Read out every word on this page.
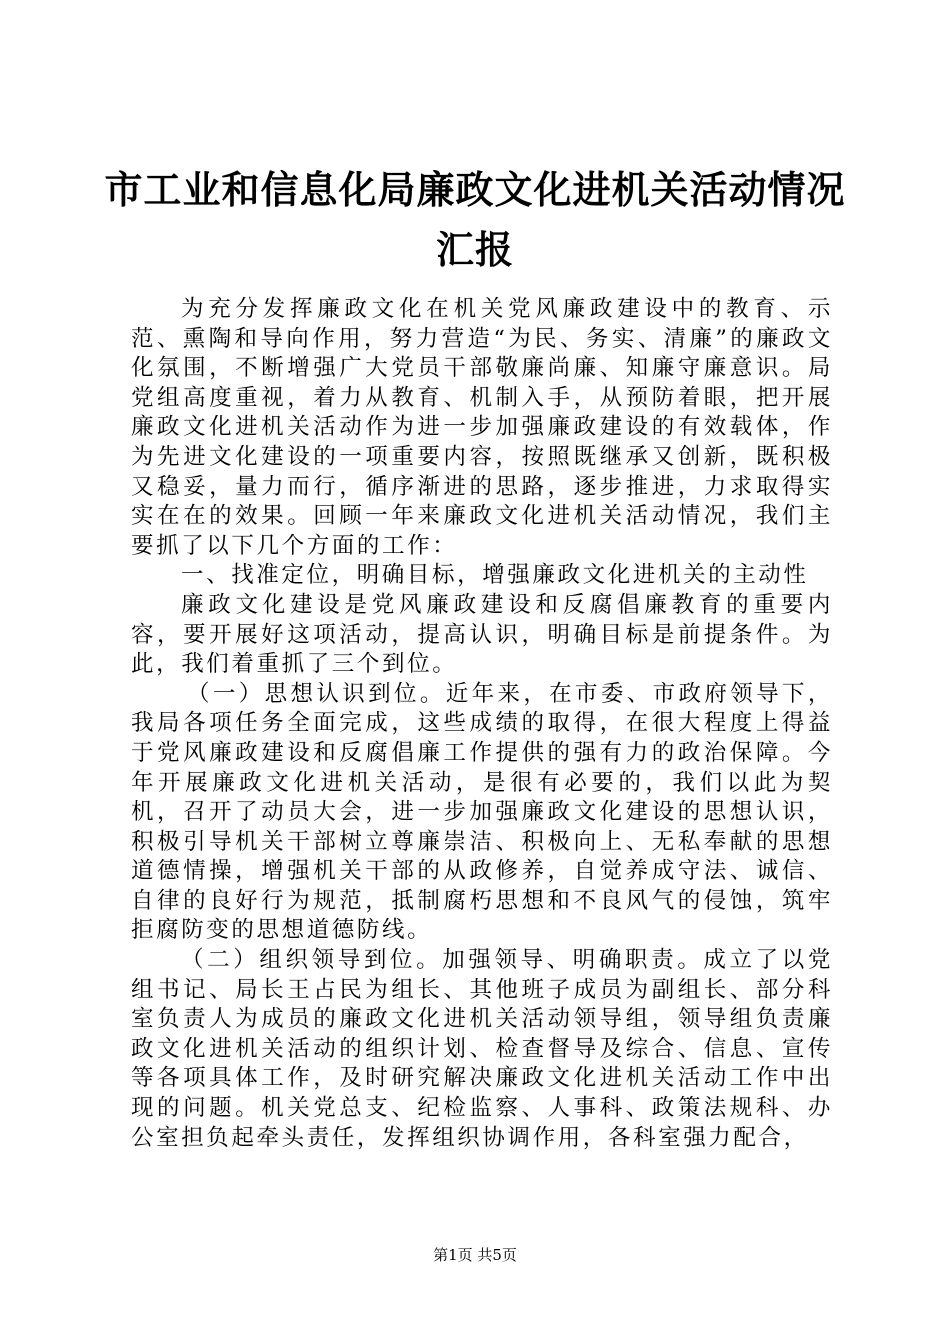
市工业和信息化局廉政文化进机关活动情况汇报

为充分发挥廉政文化在机关党风廉政建设中的教育、示范、熏陶和导向作用，努力营造“为民、务实、清廉”的廉政文化氛围，不断增强广大党员干部敬廉尚廉、知廉守廉意识。局党组高度重视，着力从教育、机制入手，从预防着眼，把开展廉政文化进机关活动作为进一步加强廉政建设的有效载体，作为先进文化建设的一项重要内容，按照既继承又创新，既积极又稳妥，量力而行，循序渐进的思路，逐步推进，力求取得实实在在的效果。回顾一年来廉政文化进机关活动情况，我们主要抓了以下几个方面的工作：

一、找准定位，明确目标，增强廉政文化进机关的主动性

廉政文化建设是党风廉政建设和反腐倡廉教育的重要内容，要开展好这项活动，提高认识，明确目标是前提条件。为此，我们着重抓了三个到位。

（一）思想认识到位。近年来，在市委、市政府领导下，我局各项任务全面完成，这些成绩的取得，在很大程度上得益于党风廉政建设和反腐倡廉工作提供的强有力的政治保障。今年开展廉政文化进机关活动，是很有必要的，我们以此为契机，召开了动员大会，进一步加强廉政文化建设的思想认识，积极引导机关干部树立尊廉崇洁、积极向上、无私奉献的思想道德情操，增强机关干部的从政修养，自觉养成守法、诚信、自律的良好行为规范，抵制腐朽思想和不良风气的侵蚀，筑牢拒腐防变的思想道德防线。

（二）组织领导到位。加强领导、明确职责。成立了以党组书记、局长王占民为组长、其他班子成员为副组长、部分科室负责人为成员的廉政文化进机关活动领导组，领导组负责廉政文化进机关活动的组织计划、检查督导及综合、信息、宣传等各项具体工作，及时研究解决廉政文化进机关活动工作中出现的问题。机关党总支、纪检监察、人事科、政策法规科、办公室担负起牵头责任，发挥组织协调作用，各科室强力配合，

第1页 共5页
